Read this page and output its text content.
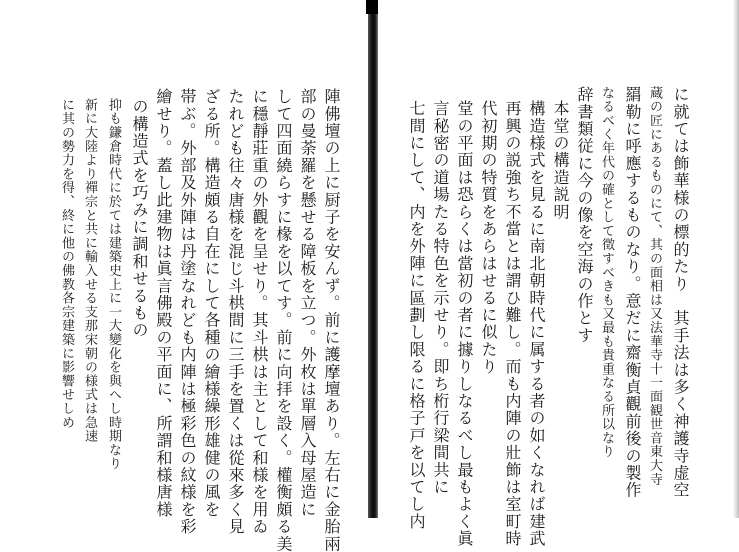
陣佛壇の上に厨子を安んず。前に護摩壇あり。左右に金胎兩
部の曼荼羅を懸せる障板を立つ。外枚は單層入母屋造に
して四面繞らすに椽を以てす。前に向拝を設く。權衡頗る美
に穩靜莊重の外觀を呈せり。其斗栱は主として和様を用ゐ
たれども往々唐様を混じ斗栱間に三手を置くは從來多く見
ざる所。構造頗る自在にして各種の繪様繰形雄健の風を
帯ぶ。外部及外陣は丹塗なれども内陣は極彩色の紋様を彩
繪せり。蓋し此建物は眞言佛殿の平面に、所謂和様唐様
の構造式を巧みに調和せるもの
抑も鎌倉時代に於ては建築史上に一大變化を與へし時期なり
新に大陸より禪宗と共に輸入せる支那宋朝の様式は急速
に其の勢力を得、終に他の佛教各宗建築に影響せしめ	に就ては飾華様の標的たり　其手法は多く神護寺虚空
蔵の匠にあるものにて、其の面相は又法華寺十一面観世音東大寺
羂勒に呼應するものなり。意だに齋衡貞觀前後の製作
なるべく年代の確として徵すべきも又最も貴重なる所以なり
辞書類従に今の像を空海の作とす
本堂の構造説明
構造様式を見るに南北朝時代に属する者の如くなれば建武
再興の説強ち不當とは謂ひ難し。而も内陣の壯飾は室町時
代初期の特質をあらはせるに似たり
堂の平面は恐らくは當初の者に據りしなるべし最もよく眞
言秘密の道場たる特色を示せり。即ち桁行梁間共に
七間にして、内を外陣に區劃し限るに格子戸を以てし内
